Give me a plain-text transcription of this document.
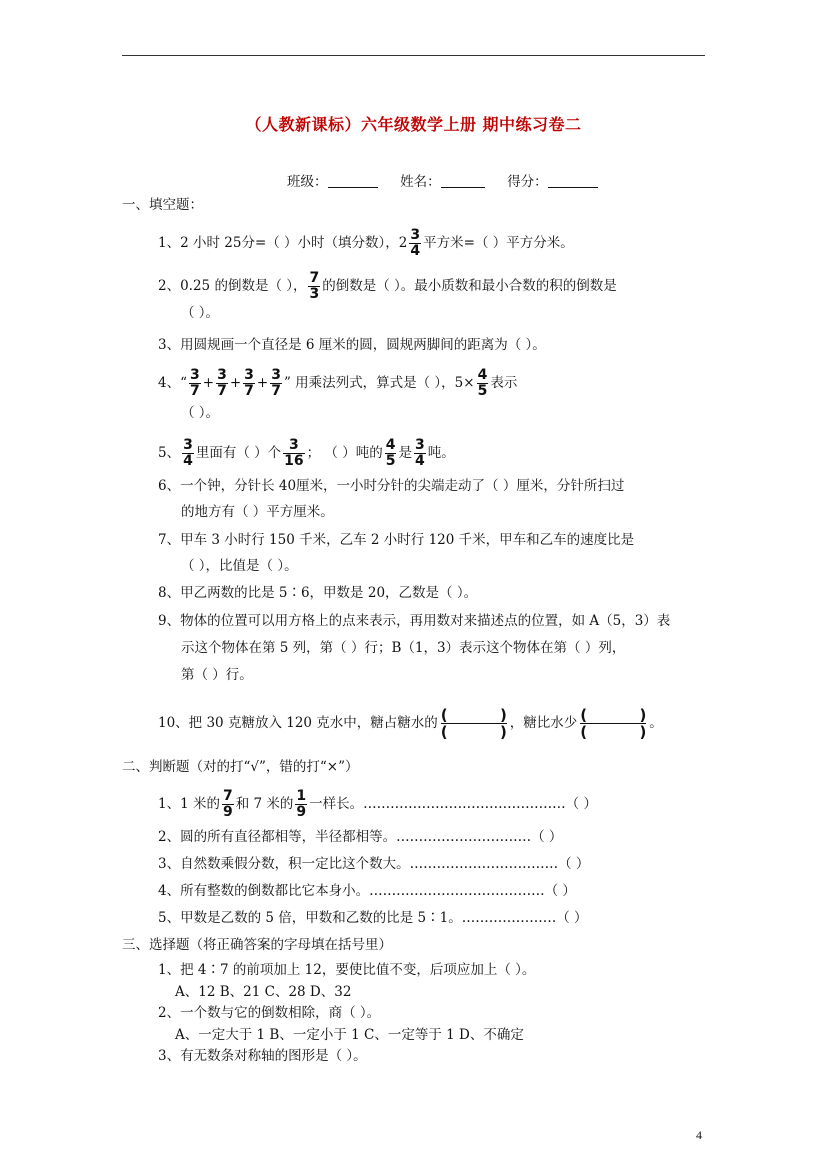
（人教新课标）六年级数学上册 期中练习卷二
班级：	姓名：	得分：
一、填空题：
1、2 小时 25分=（ ）小时（填分数），$2 \frac{3}{4}$ 平方米=（ ）平方分米。
2、0.25 的倒数是（ ）， $\frac{7}{3}$ 的倒数是（ ）。最小质数和最小合数的积的倒数是
（ ）。
3、用圆规画一个直径是 6 厘米的圆，圆规两脚间的距离为（ ）。
4、“ $\frac{3}{7} + \frac{3}{7} + \frac{3}{7} + \frac{3}{7}$ ” 用乘法列式，算式是（ ），$5\times \frac{4}{5}$ 表示
（ ）。
5、 $\frac{3}{4}$ 里面有（ ）个 $\frac{3}{16}$ ； （ ）吨的 $\frac{4}{5}$ 是 $\frac{3}{4}$ 吨。
6、一个钟，分针长 40厘米，一小时分针的尖端走动了（ ）厘米，分针所扫过
的地方有（ ）平方厘米。
7、甲车 3 小时行 150 千米，乙车 2 小时行 120 千米，甲车和乙车的速度比是
（ ），比值是（ ）。
8、甲乙两数的比是 5∶6，甲数是 20，乙数是（ ）。
9、物体的位置可以用方格上的点来表示，再用数对来描述点的位置，如 A（5，3）表
示这个物体在第 5 列，第（ ）行；B（1，3）表示这个物体在第（ ）列，
第（ ）行。
10、把 30 克糖放入 120 克水中，糖占糖水的 (	)
(	) ，糖比水少 (	)
(	) 。
二、判断题（对的打“√”，错的打“×”）
1、1 米的 $\frac{7}{9}$ 和 7 米的 $\frac{1}{9}$ 一样长。………………………………………（ ）
2、圆的所有直径都相等，半径都相等。…………………………（ ）
3、自然数乘假分数，积一定比这个数大。……………………………（ ）
4、所有整数的倒数都比它本身小。…………………………………（ ）
5、甲数是乙数的 5 倍，甲数和乙数的比是 5∶1。…………………（ ）
三、选择题（将正确答案的字母填在括号里）
1、把 4∶7 的前项加上 12，要使比值不变，后项应加上（ ）。
A、12 B、21 C、28 D、32
2、一个数与它的倒数相除，商（ ）。
A、一定大于 1 B、一定小于 1 C、一定等于 1 D、不确定
3、有无数条对称轴的图形是（ ）。
4
